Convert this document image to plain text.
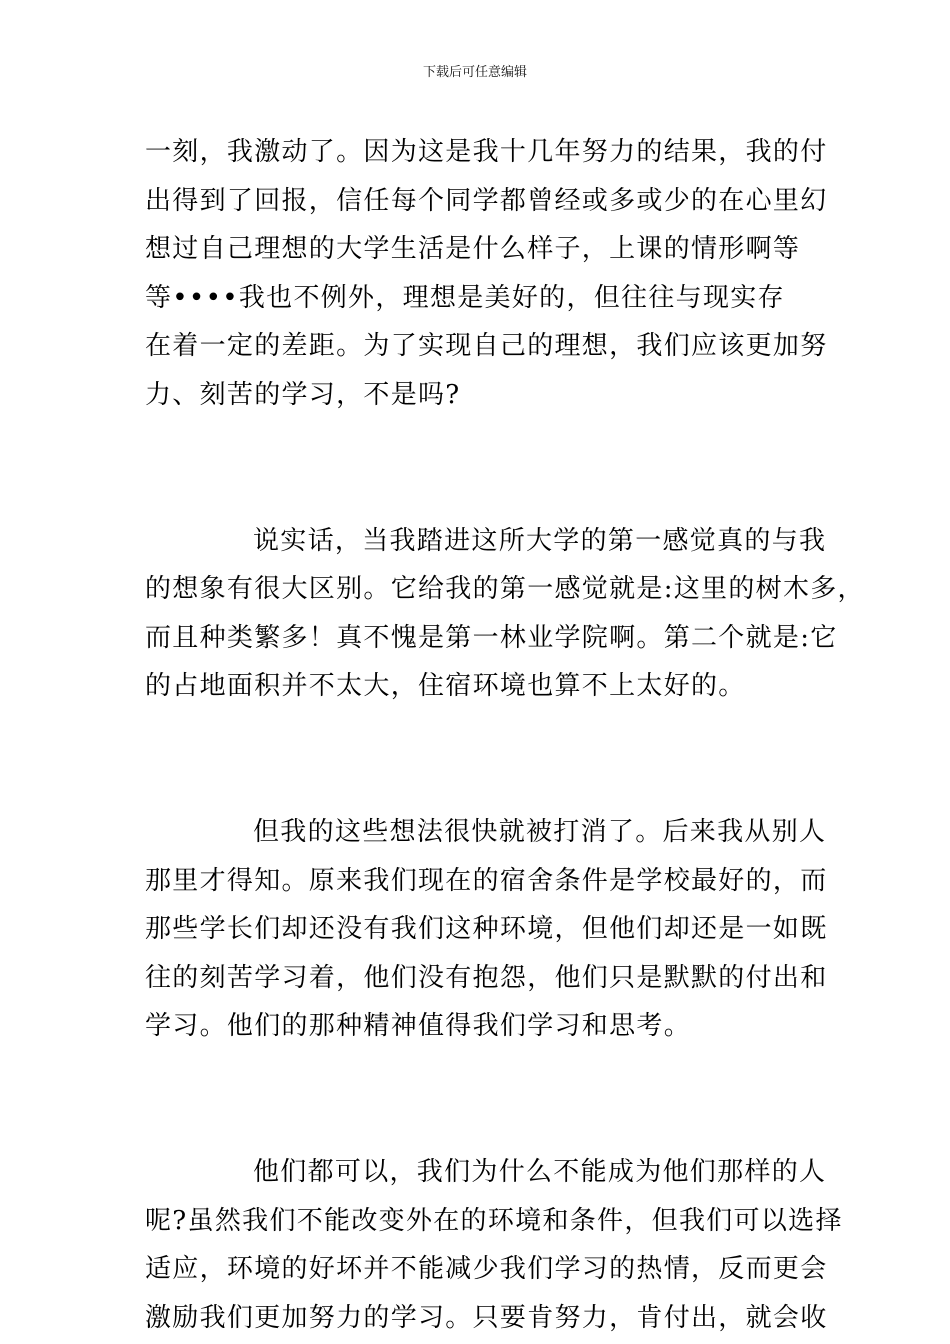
下载后可任意编辑
一刻，我激动了。因为这是我十几年努力的结果，我的付
出得到了回报，信任每个同学都曾经或多或少的在心里幻
想过自己理想的大学生活是什么样子，上课的情形啊等
等••••我也不例外，理想是美好的，但往往与现实存
在着一定的差距。为了实现自己的理想，我们应该更加努
力、刻苦的学习，不是吗?
说实话，当我踏进这所大学的第一感觉真的与我
的想象有很大区别。它给我的第一感觉就是:这里的树木多，
而且种类繁多！真不愧是第一林业学院啊。第二个就是:它
的占地面积并不太大，住宿环境也算不上太好的。
但我的这些想法很快就被打消了。后来我从别人
那里才得知。原来我们现在的宿舍条件是学校最好的，而
那些学长们却还没有我们这种环境，但他们却还是一如既
往的刻苦学习着，他们没有抱怨，他们只是默默的付出和
学习。他们的那种精神值得我们学习和思考。
他们都可以，我们为什么不能成为他们那样的人
呢?虽然我们不能改变外在的环境和条件，但我们可以选择
适应，环境的好坏并不能减少我们学习的热情，反而更会
激励我们更加努力的学习。只要肯努力，肯付出，就会收
